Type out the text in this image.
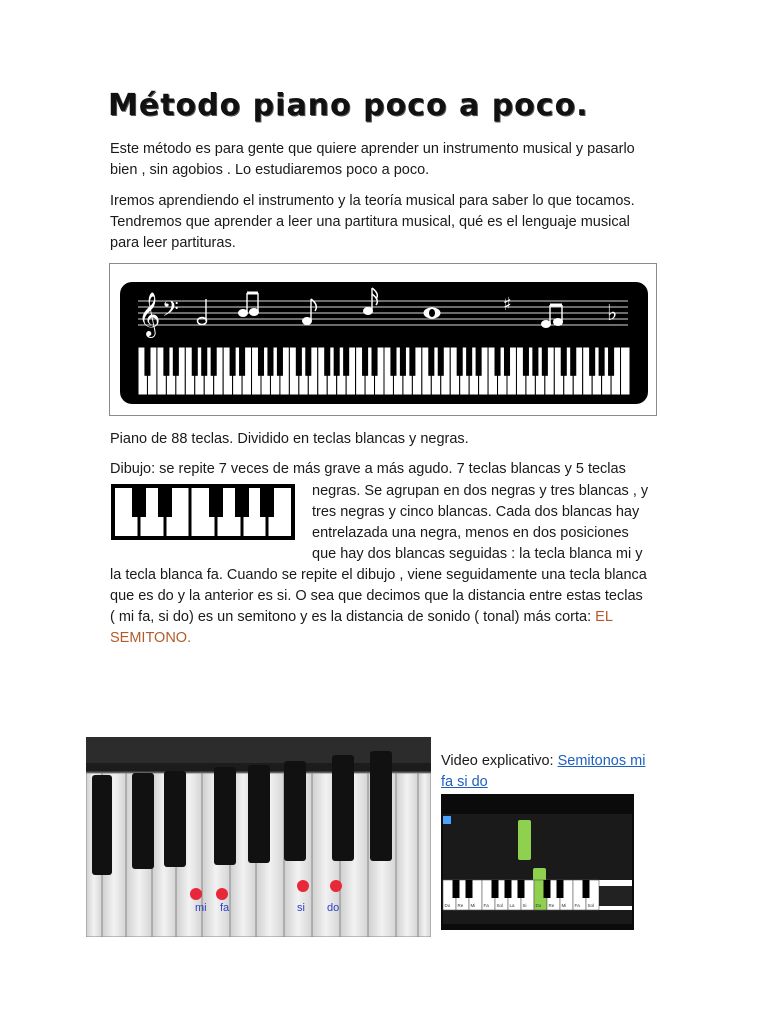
Método piano poco a poco.
Este método es para gente que quiere aprender un instrumento musical y pasarlo bien , sin agobios . Lo estudiaremos poco a poco.
Iremos aprendiendo el instrumento y la teoría musical para saber lo que tocamos. Tendremos que aprender a leer una partitura musical, qué es el lenguaje musical para leer partituras.
𝄞 𝄢	♯	♭
Piano de 88 teclas. Dividido en teclas blancas y negras.
Dibujo: se repite 7 veces de más grave a más agudo. 7 teclas blancas y 5 teclas
negras. Se agrupan en dos negras y tres blancas , y
tres negras y cinco blancas. Cada dos blancas hay
entrelazada una negra, menos en dos posiciones
que hay dos blancas seguidas : la tecla blanca mi y
la tecla blanca fa. Cuando se repite el dibujo , viene seguidamente una tecla blanca
que es do y la anterior es si. O sea que decimos que la distancia entre estas teclas
( mi fa, si do) es un semitono y es la distancia de sonido ( tonal) más corta: EL
SEMITONO.
mi fa	si do
Video explicativo: Semitonos mi
fa si do
Do Re Mi Fa Sol La Si Do Re Mi Fa Sol
